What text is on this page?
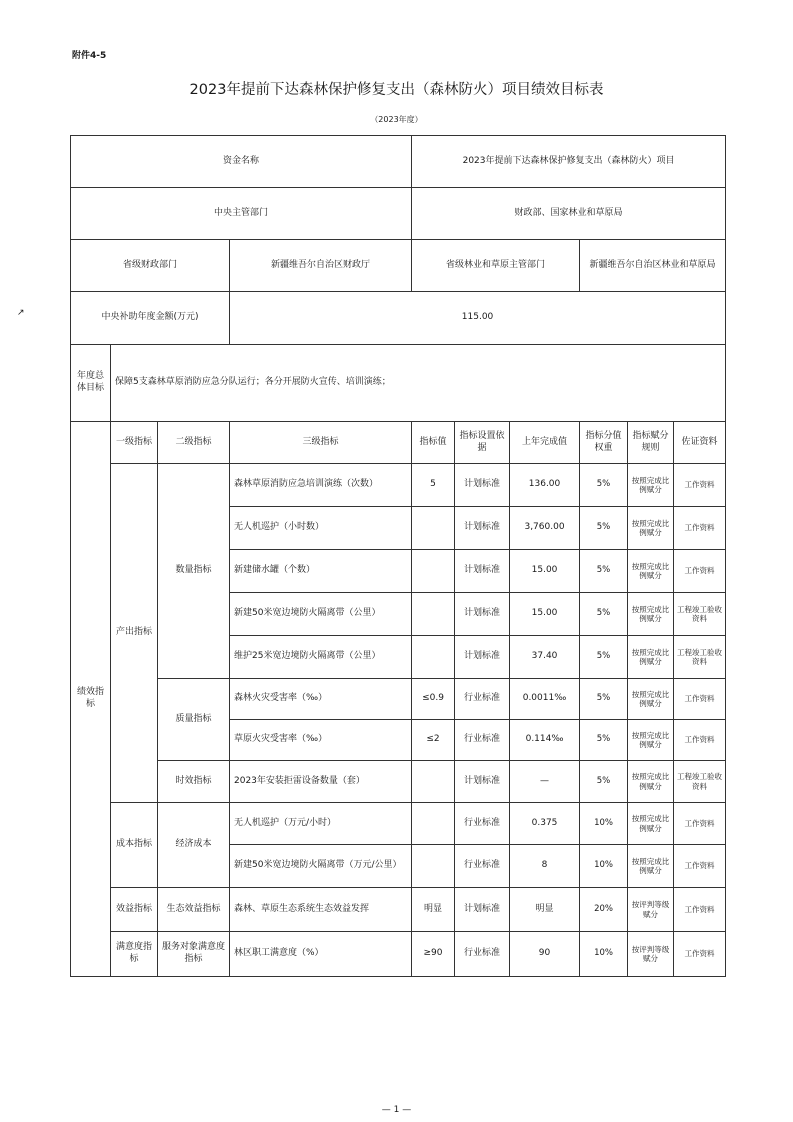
附件4-5
2023年提前下达森林保护修复支出（森林防火）项目绩效目标表
（2023年度）
↗
资金名称				2023年提前下达森林保护修复支出（森林防火）项目					
中央主管部门				财政部、国家林业和草原局					
省级财政部门			新疆维吾尔自治区财政厅	省级林业和草原主管部门			新疆维吾尔自治区林业和草原局		
中央补助年度金额(万元)			115.00						
年度总体目标	保障5支森林草原消防应急分队运行；各分开展防火宣传、培训演练；								
绩效指标	一级指标	二级指标	三级指标	指标值	指标设置依据	上年完成值	指标分值权重	指标赋分规则	佐证资料
	产出指标	数量指标	森林草原消防应急培训演练（次数）	5	计划标准	136.00	5%	按照完成比例赋分	工作资料
			无人机巡护（小时数）		计划标准	3,760.00	5%	按照完成比例赋分	工作资料
			新建储水罐（个数）		计划标准	15.00	5%	按照完成比例赋分	工作资料
			新建50米宽边境防火隔离带（公里）		计划标准	15.00	5%	按照完成比例赋分	工程竣工验收资料
			维护25米宽边境防火隔离带（公里）		计划标准	37.40	5%	按照完成比例赋分	工程竣工验收资料
		质量指标	森林火灾受害率（‰）	≤0.9	行业标准	0.0011‰	5%	按照完成比例赋分	工作资料
			草原火灾受害率（‰）	≤2	行业标准	0.114‰	5%	按照完成比例赋分	工作资料
		时效指标	2023年安装拒雷设备数量（套）		计划标准	—	5%	按照完成比例赋分	工程竣工验收资料
	成本指标	经济成本	无人机巡护（万元/小时）		行业标准	0.375	10%	按照完成比例赋分	工作资料
			新建50米宽边境防火隔离带（万元/公里）		行业标准	8	10%	按照完成比例赋分	工作资料
	效益指标	生态效益指标	森林、草原生态系统生态效益发挥	明显	计划标准	明显	20%	按评判等级赋分	工作资料
	满意度指标	服务对象满意度指标	林区职工满意度（%）	≥90	行业标准	90	10%	按评判等级赋分	工作资料
— 1 —
